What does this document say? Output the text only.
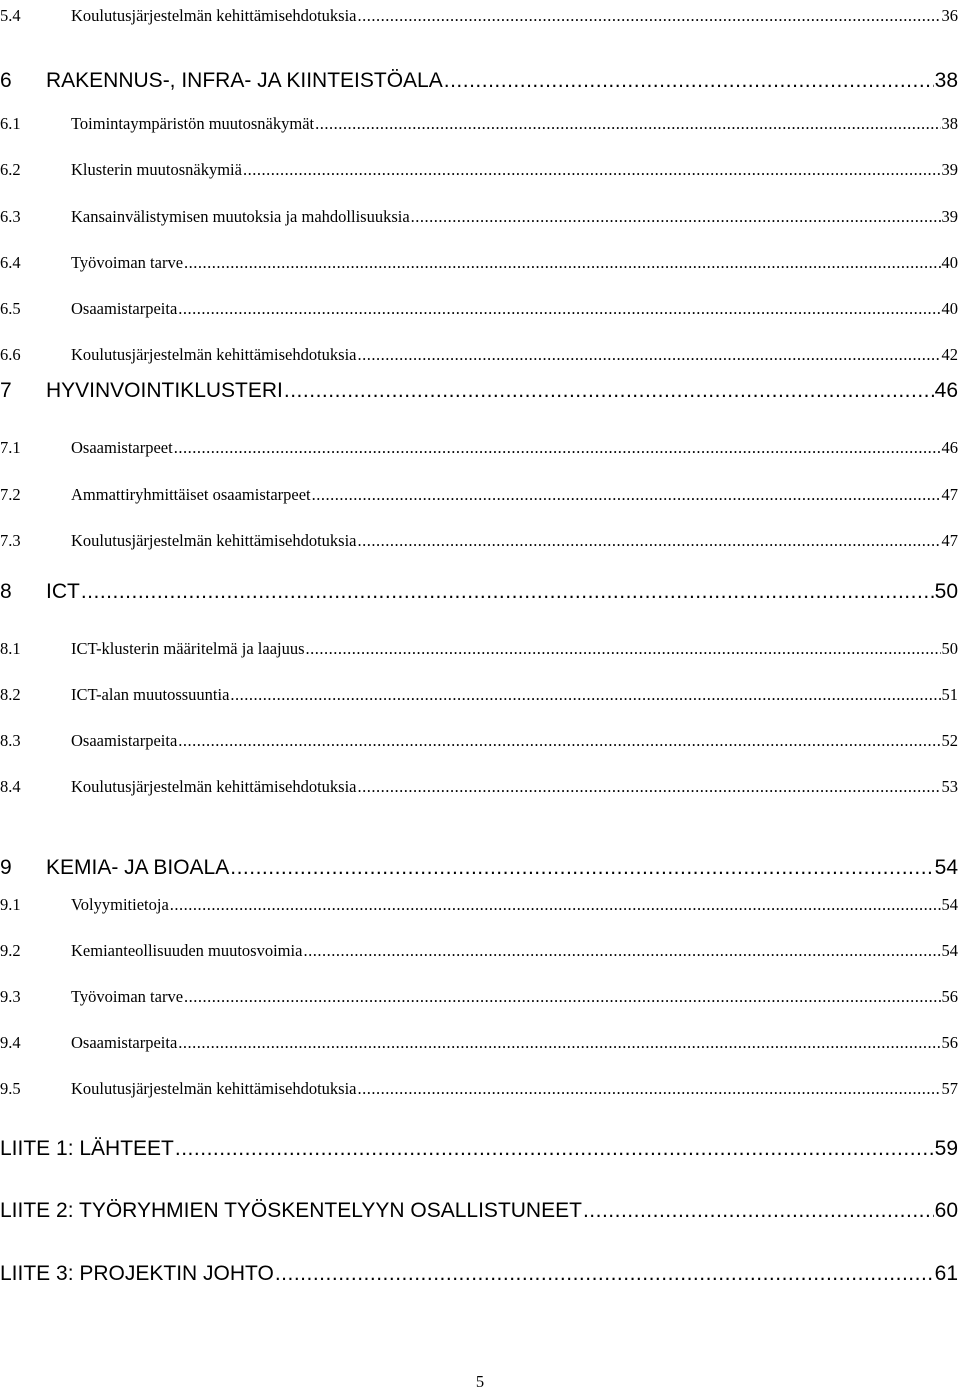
5.4	Koulutusjärjestelmän kehittämisehdotuksia .....	36
6	RAKENNUS-, INFRA- JA KIINTEISTÖALA .....	38
6.1	Toimintaympäristön muutosnäkymät .....	38
6.2	Klusterin muutosnäkymiä .....	39
6.3	Kansainvälistymisen muutoksia ja mahdollisuuksia .....	39
6.4	Työvoiman tarve .....	40
6.5	Osaamistarpeita .....	40
6.6	Koulutusjärjestelmän kehittämisehdotuksia .....	42
7	HYVINVOINTIKLUSTERI .....	46
7.1	Osaamistarpeet .....	46
7.2	Ammattiryhmittäiset osaamistarpeet .....	47
7.3	Koulutusjärjestelmän kehittämisehdotuksia .....	47
8	ICT .....	50
8.1	ICT-klusterin määritelmä ja laajuus .....	50
8.2	ICT-alan muutossuuntia .....	51
8.3	Osaamistarpeita .....	52
8.4	Koulutusjärjestelmän kehittämisehdotuksia .....	53
9	KEMIA- JA BIOALA .....	54
9.1	Volyymitietoja .....	54
9.2	Kemianteollisuuden muutosvoimia .....	54
9.3	Työvoiman tarve .....	56
9.4	Osaamistarpeita .....	56
9.5	Koulutusjärjestelmän kehittämisehdotuksia .....	57
LIITE 1: LÄHTEET .....	59
LIITE 2: TYÖRYHMIEN TYÖSKENTELYYN OSALLISTUNEET .....	60
LIITE 3: PROJEKTIN JOHTO .....	61
5
